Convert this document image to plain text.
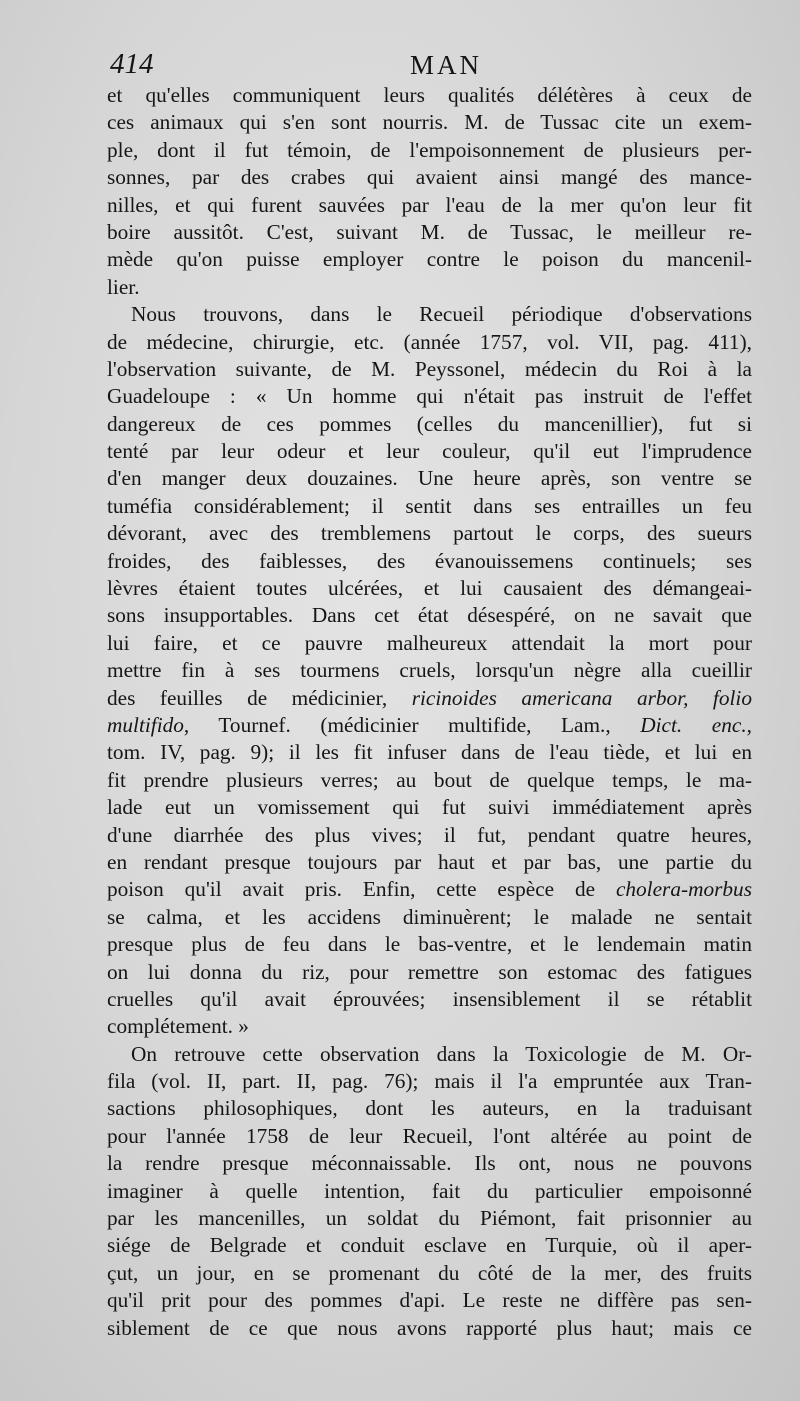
414	MAN
et qu'elles communiquent leurs qualités délétères à ceux de
ces animaux qui s'en sont nourris. M. de Tussac cite un exem-
ple, dont il fut témoin, de l'empoisonnement de plusieurs per-
sonnes, par des crabes qui avaient ainsi mangé des mance-
nilles, et qui furent sauvées par l'eau de la mer qu'on leur fit
boire aussitôt. C'est, suivant M. de Tussac, le meilleur re-
mède qu'on puisse employer contre le poison du mancenil-
lier.
Nous trouvons, dans le Recueil périodique d'observations
de médecine, chirurgie, etc. (année 1757, vol. VII, pag. 411),
l'observation suivante, de M. Peyssonel, médecin du Roi à la
Guadeloupe : « Un homme qui n'était pas instruit de l'effet
dangereux de ces pommes (celles du mancenillier), fut si
tenté par leur odeur et leur couleur, qu'il eut l'imprudence
d'en manger deux douzaines. Une heure après, son ventre se
tuméfia considérablement; il sentit dans ses entrailles un feu
dévorant, avec des tremblemens partout le corps, des sueurs
froides, des faiblesses, des évanouissemens continuels; ses
lèvres étaient toutes ulcérées, et lui causaient des démangeai-
sons insupportables. Dans cet état désespéré, on ne savait que
lui faire, et ce pauvre malheureux attendait la mort pour
mettre fin à ses tourmens cruels, lorsqu'un nègre alla cueillir
des feuilles de médicinier, ricinoides americana arbor, folio
multifido, Tournef. (médicinier multifide, Lam., Dict. enc.,
tom. IV, pag. 9); il les fit infuser dans de l'eau tiède, et lui en
fit prendre plusieurs verres; au bout de quelque temps, le ma-
lade eut un vomissement qui fut suivi immédiatement après
d'une diarrhée des plus vives; il fut, pendant quatre heures,
en rendant presque toujours par haut et par bas, une partie du
poison qu'il avait pris. Enfin, cette espèce de cholera-morbus
se calma, et les accidens diminuèrent; le malade ne sentait
presque plus de feu dans le bas-ventre, et le lendemain matin
on lui donna du riz, pour remettre son estomac des fatigues
cruelles qu'il avait éprouvées; insensiblement il se rétablit
complétement. »
On retrouve cette observation dans la Toxicologie de M. Or-
fila (vol. II, part. II, pag. 76); mais il l'a empruntée aux Tran-
sactions philosophiques, dont les auteurs, en la traduisant
pour l'année 1758 de leur Recueil, l'ont altérée au point de
la rendre presque méconnaissable. Ils ont, nous ne pouvons
imaginer à quelle intention, fait du particulier empoisonné
par les mancenilles, un soldat du Piémont, fait prisonnier au
siége de Belgrade et conduit esclave en Turquie, où il aper-
çut, un jour, en se promenant du côté de la mer, des fruits
qu'il prit pour des pommes d'api. Le reste ne diffère pas sen-
siblement de ce que nous avons rapporté plus haut; mais ce
